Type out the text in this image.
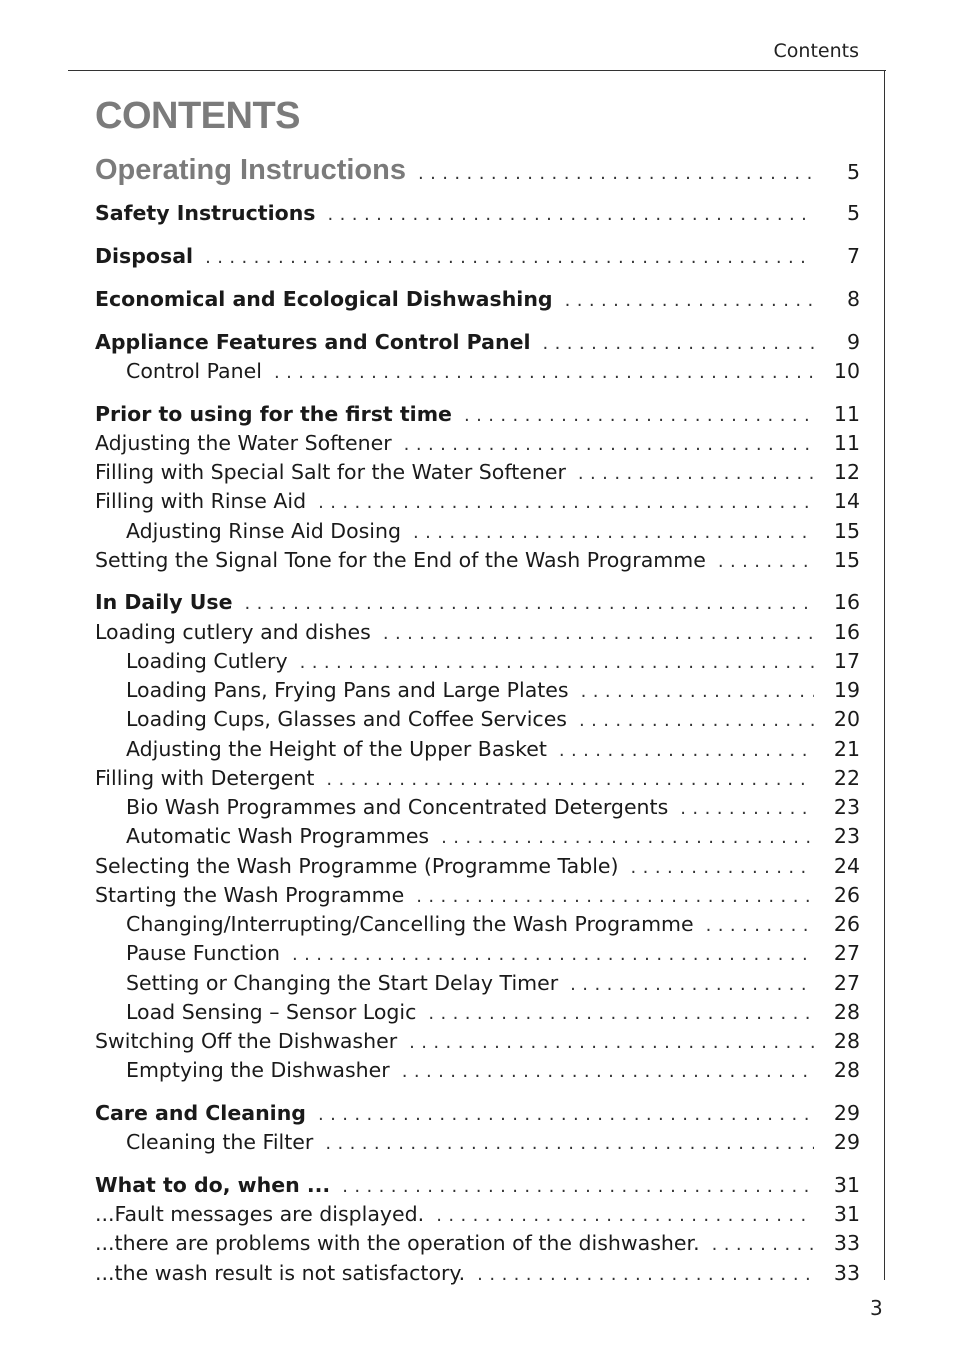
Contents
CONTENTS
Operating Instructions . . .	5
Safety Instructions . . .	5
Disposal . . .	7
Economical and Ecological Dishwashing . . .	8
Appliance Features and Control Panel . . .	9
Control Panel . . .	10
Prior to using for the first time . . .	11
Adjusting the Water Softener . . .	11
Filling with Special Salt for the Water Softener . . .	12
Filling with Rinse Aid . . .	14
Adjusting Rinse Aid Dosing . . .	15
Setting the Signal Tone for the End of the Wash Programme . . .	15
In Daily Use . . .	16
Loading cutlery and dishes . . .	16
Loading Cutlery . . .	17
Loading Pans, Frying Pans and Large Plates . . .	19
Loading Cups, Glasses and Coffee Services . . .	20
Adjusting the Height of the Upper Basket . . .	21
Filling with Detergent . . .	22
Bio Wash Programmes and Concentrated Detergents . . .	23
Automatic Wash Programmes . . .	23
Selecting the Wash Programme (Programme Table) . . .	24
Starting the Wash Programme . . .	26
Changing/Interrupting/Cancelling the Wash Programme . . .	26
Pause Function . . .	27
Setting or Changing the Start Delay Timer . . .	27
Load Sensing – Sensor Logic . . .	28
Switching Off the Dishwasher . . .	28
Emptying the Dishwasher . . .	28
Care and Cleaning . . .	29
Cleaning the Filter . . .	29
What to do, when ... . . .	31
...Fault messages are displayed. . . .	31
...there are problems with the operation of the dishwasher. . . .	33
...the wash result is not satisfactory. . . .	33
3
